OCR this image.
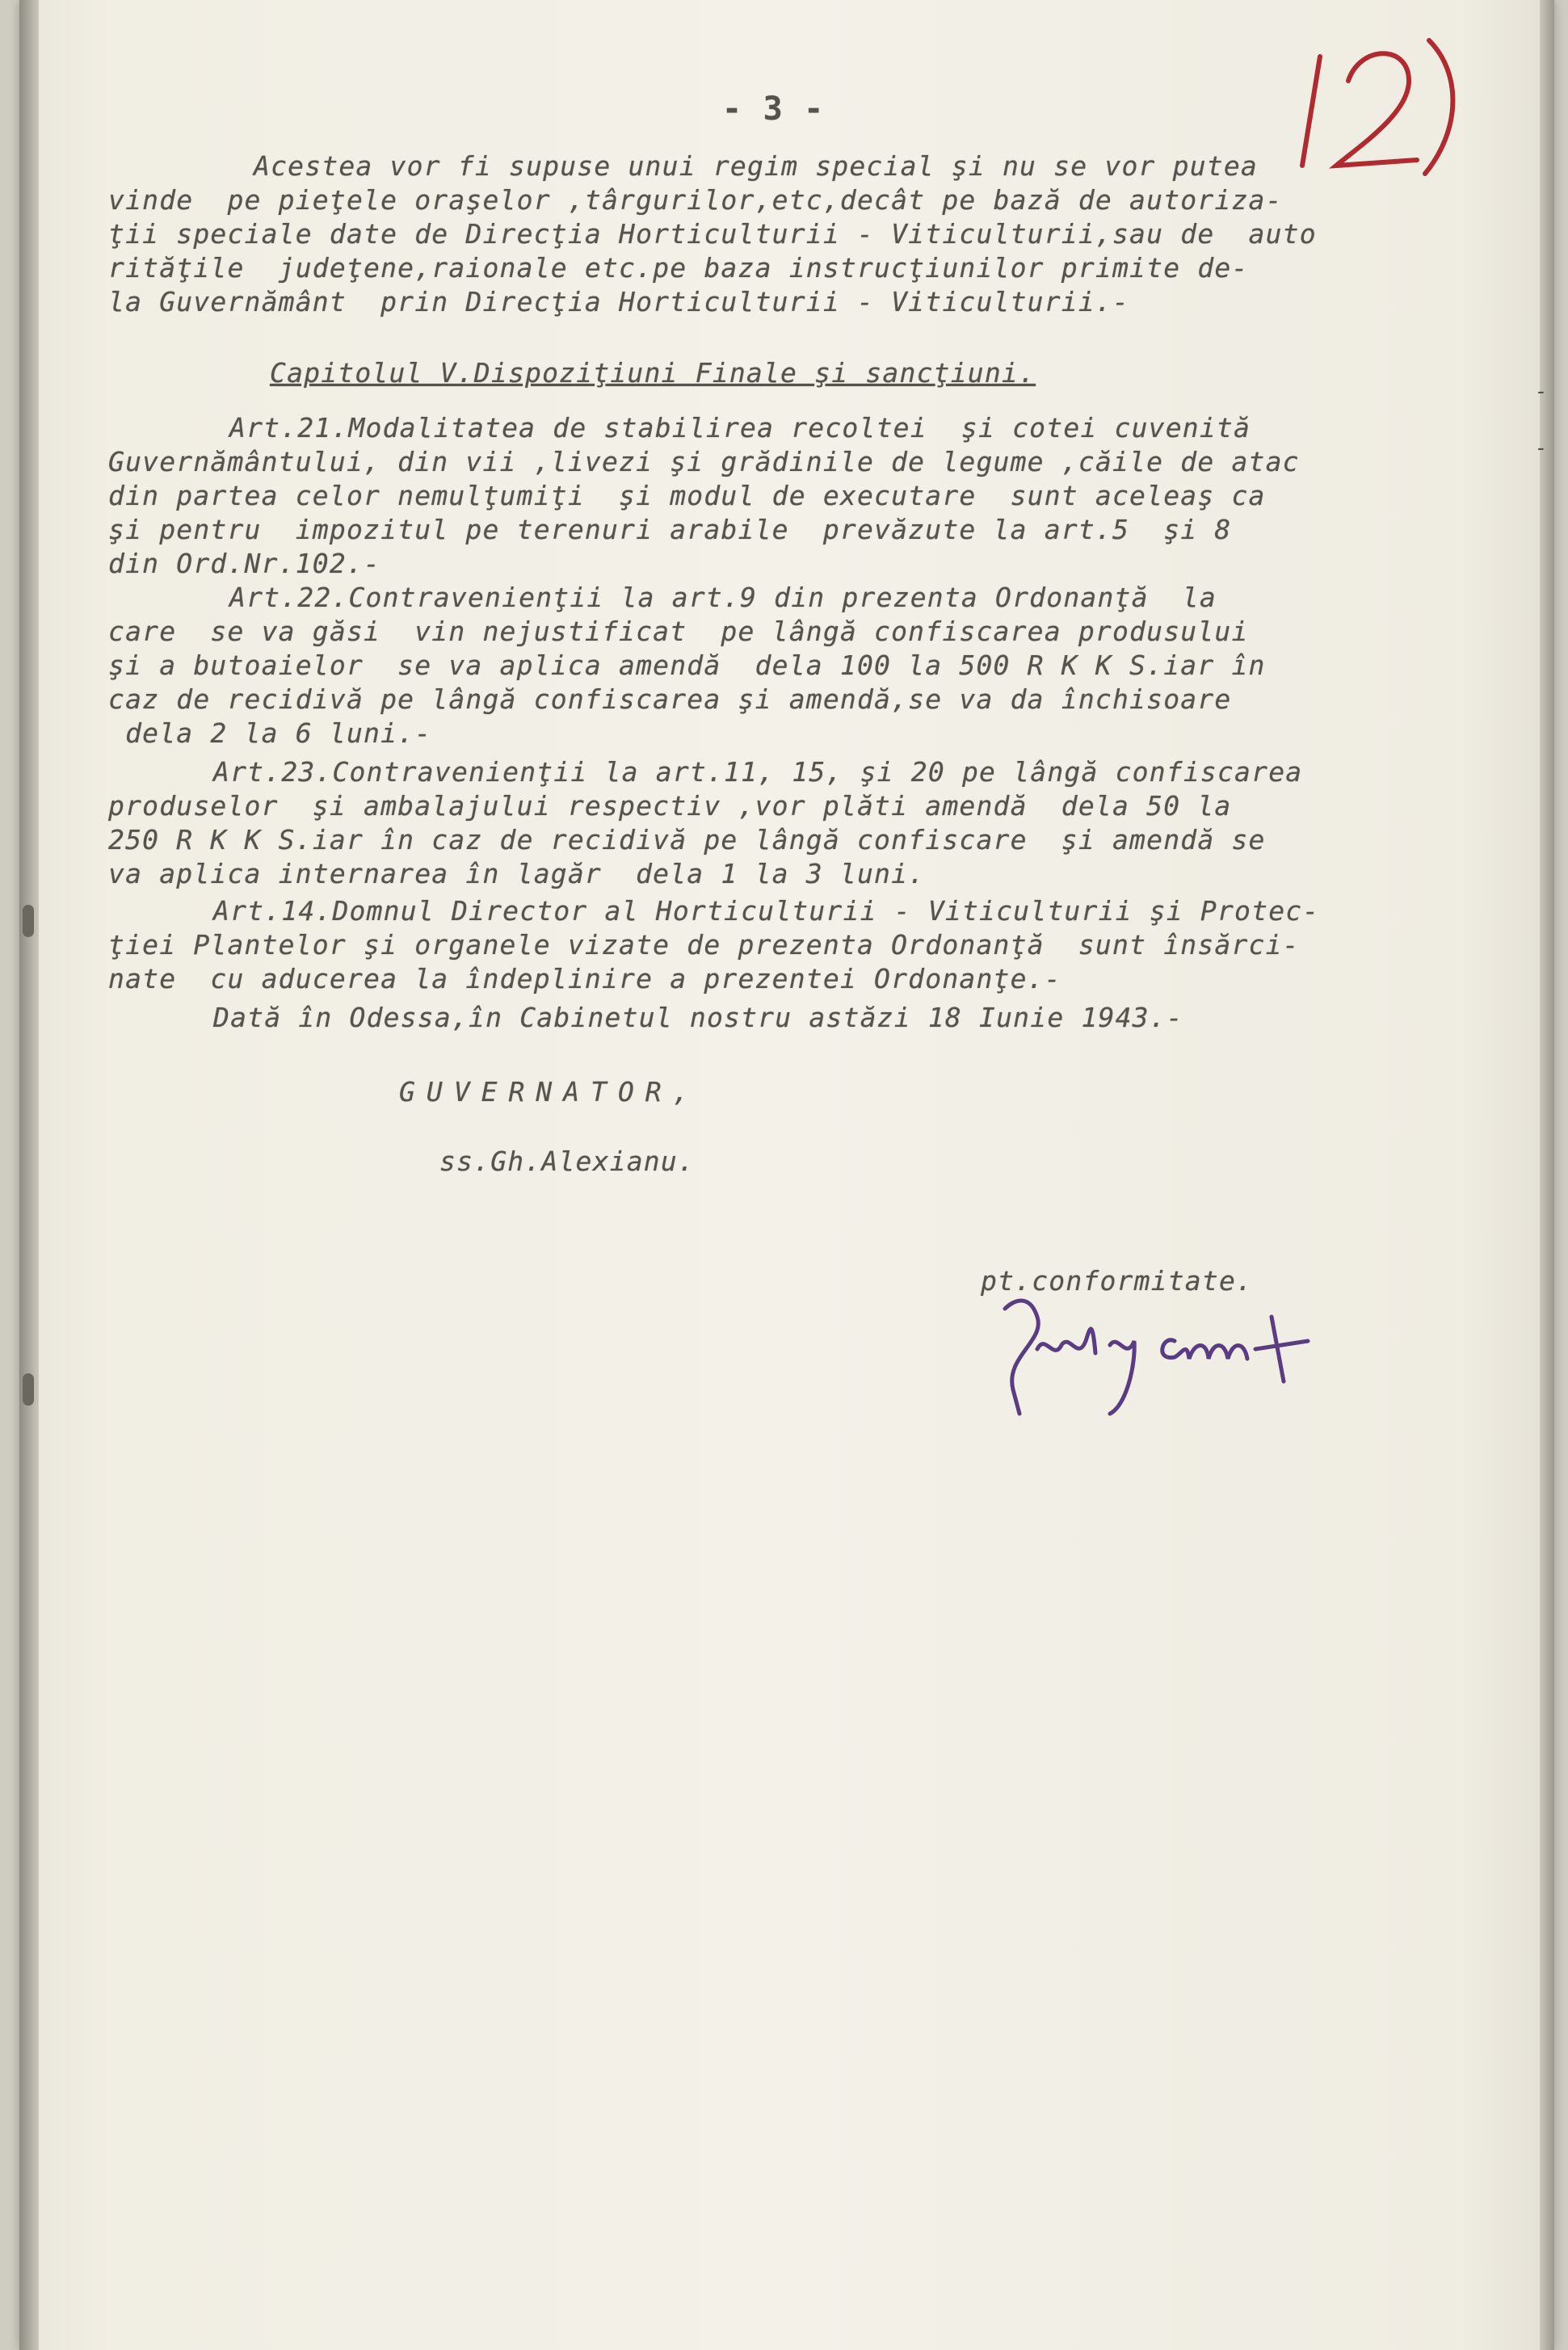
- 3 -
Acestea vor fi supuse unui regim special şi nu se vor putea
vinde  pe pieţele oraşelor ,târgurilor,etc,decât pe bază de autoriza-
ţii speciale date de Direcţia Horticulturii - Viticulturii,sau de  auto
rităţile  judeţene,raionale etc.pe baza instrucţiunilor primite de-
la Guvernământ  prin Direcţia Horticulturii - Viticulturii.-
Capitolul V.Dispoziţiuni Finale şi sancţiuni.
Art.21.Modalitatea de stabilirea recoltei  şi cotei cuvenită
Guvernământului, din vii ,livezi şi grădinile de legume ,căile de atac
din partea celor nemulţumiţi  şi modul de executare  sunt aceleaş ca
şi pentru  impozitul pe terenuri arabile  prevăzute la art.5  şi 8
din Ord.Nr.102.-
Art.22.Contravenienţii la art.9 din prezenta Ordonanţă  la
care  se va găsi  vin nejustificat  pe lângă confiscarea produsului
şi a butoaielor  se va aplica amendă  dela 100 la 500 R K K S.iar în
caz de recidivă pe lângă confiscarea şi amendă,se va da închisoare
dela 2 la 6 luni.-
Art.23.Contravenienţii la art.11, 15, şi 20 pe lângă confiscarea
produselor  şi ambalajului respectiv ,vor plăti amendă  dela 50 la
250 R K K S.iar în caz de recidivă pe lângă confiscare  şi amendă se
va aplica internarea în lagăr  dela 1 la 3 luni.
Art.14.Domnul Director al Horticulturii - Viticulturii şi Protec-
ţiei Plantelor şi organele vizate de prezenta Ordonanţă  sunt însărci-
nate  cu aducerea la îndeplinire a prezentei Ordonanţe.-
Dată în Odessa,în Cabinetul nostru astăzi 18 Iunie 1943.-
GUVERNATOR,
ss.Gh.Alexianu.
pt.conformitate.
-
-
